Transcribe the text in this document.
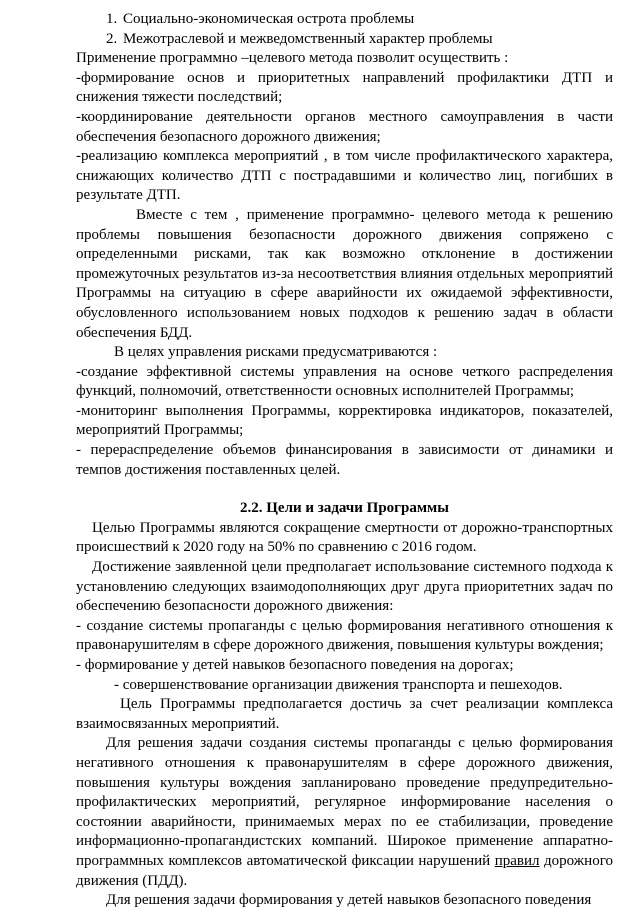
1. Социально-экономическая острота проблемы
2. Межотраслевой и межведомственный характер проблемы

Применение программно –целевого метода позволит осуществить :

-формирование основ и приоритетных направлений профилактики ДТП и снижения тяжести последствий;

-координирование деятельности органов местного самоуправления в части обеспечения безопасного дорожного движения;

-реализацию комплекса мероприятий , в том числе профилактического характера, снижающих количество ДТП с пострадавшими и количество лиц, погибших в результате ДТП.

Вместе с тем , применение программно- целевого метода к решению проблемы повышения безопасности дорожного движения сопряжено с определенными рисками, так как возможно отклонение в достижении промежуточных результатов из-за несоответствия влияния отдельных мероприятий Программы на ситуацию в сфере аварийности их ожидаемой эффективности, обусловленного использованием новых подходов к решению задач в области обеспечения БДД.

В целях управления рисками предусматриваются :

-создание эффективной системы управления на основе четкого распределения функций, полномочий, ответственности основных исполнителей Программы;

-мониторинг выполнения Программы, корректировка индикаторов, показателей, мероприятий Программы;

- перераспределение объемов финансирования в зависимости от динамики и темпов достижения поставленных целей.

2.2. Цели и задачи Программы

Целью Программы являются сокращение смертности от дорожно-транспортных происшествий к 2020 году на 50% по сравнению с 2016 годом.

Достижение заявленной цели предполагает использование системного подхода к установлению следующих взаимодополняющих друг друга приоритетних задач по обеспечению безопасности дорожного движения:

- создание системы пропаганды с целью формирования негативного отношения к правонарушителям в сфере дорожного движения, повышения культуры вождения;

- формирование у детей навыков безопасного поведения на дорогах;

- совершенствование организации движения транспорта и пешеходов.

Цель Программы предполагается достичь за счет реализации комплекса взаимосвязанных мероприятий.

Для решения задачи создания системы пропаганды с целью формирования негативного отношения к правонарушителям в сфере дорожного движения, повышения культуры вождения запланировано проведение предупредительно-профилактических мероприятий, регулярное информирование населения о состоянии аварийности, принимаемых мерах по ее стабилизации, проведение информационно-пропагандистских компаний. Широкое применение аппаратно-программных комплексов автоматической фиксации нарушений правил дорожного движения (ПДД).

Для решения задачи формирования у детей навыков безопасного поведения
